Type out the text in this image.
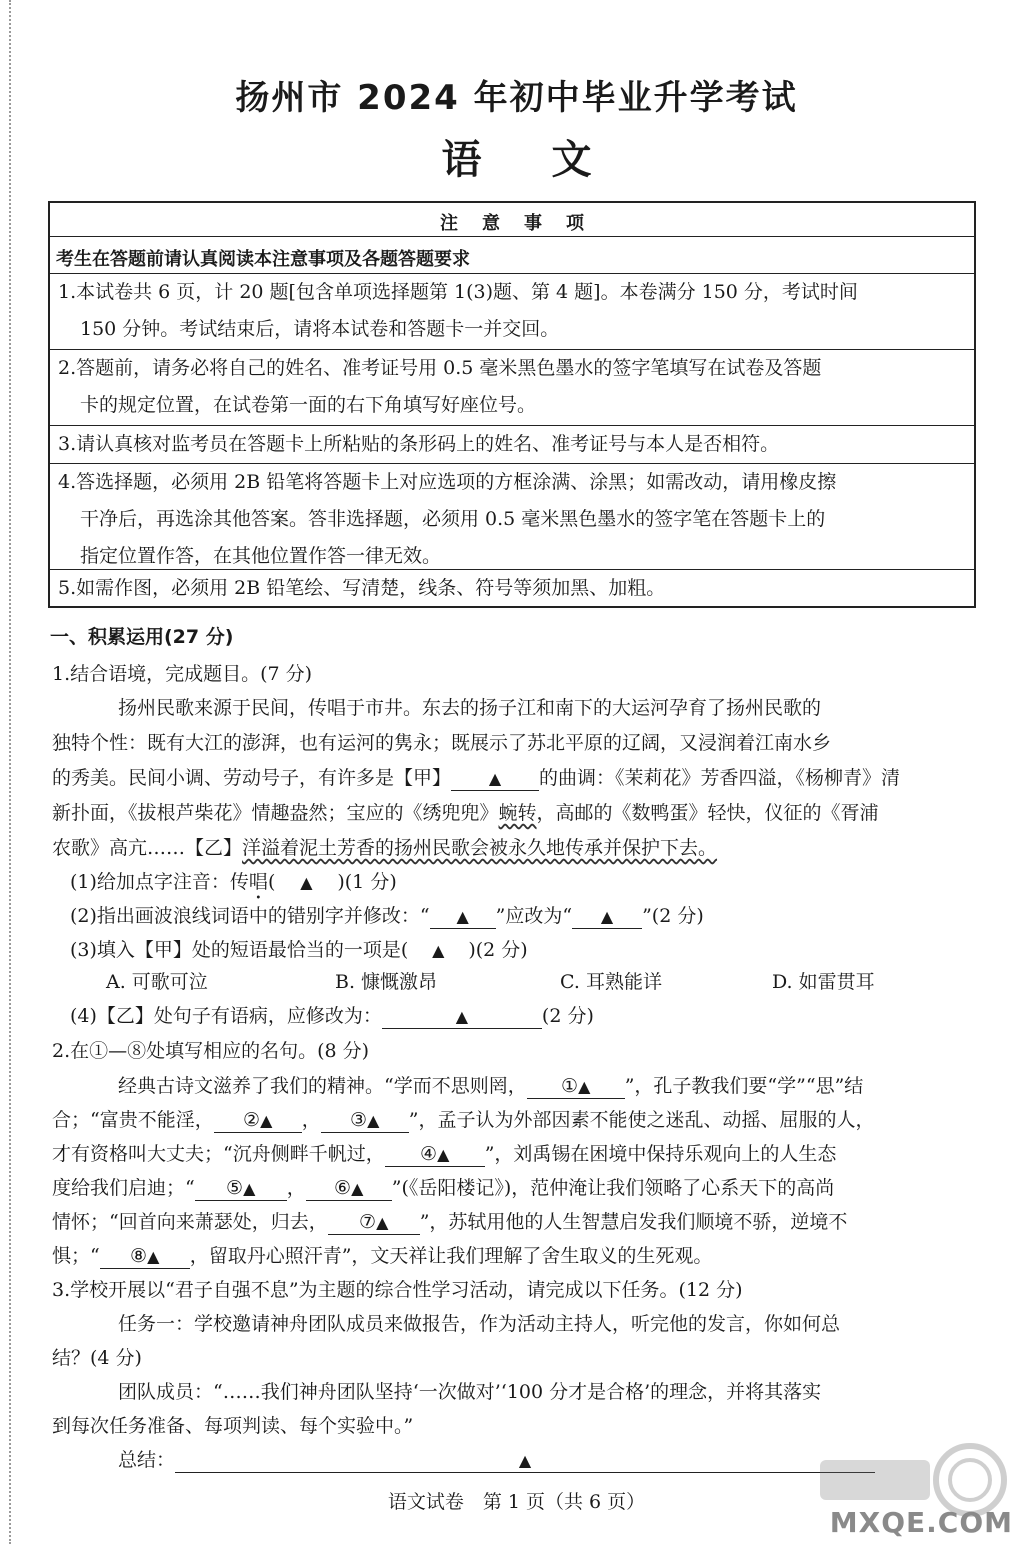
扬州市 2024 年初中毕业升学考试
语文
注意事项
考生在答题前请认真阅读本注意事项及各题答题要求
1.本试卷共 6 页，计 20 题[包含单项选择题第 1(3)题、第 4 题]。本卷满分 150 分，考试时间
150 分钟。考试结束后，请将本试卷和答题卡一并交回。
2.答题前，请务必将自己的姓名、准考证号用 0.5 毫米黑色墨水的签字笔填写在试卷及答题
卡的规定位置，在试卷第一面的右下角填写好座位号。
3.请认真核对监考员在答题卡上所粘贴的条形码上的姓名、准考证号与本人是否相符。
4.答选择题，必须用 2B 铅笔将答题卡上对应选项的方框涂满、涂黑；如需改动，请用橡皮擦
干净后，再选涂其他答案。答非选择题，必须用 0.5 毫米黑色墨水的签字笔在答题卡上的
指定位置作答，在其他位置作答一律无效。
5.如需作图，必须用 2B 铅笔绘、写清楚，线条、符号等须加黑、加粗。
一、积累运用(27 分)
1.结合语境，完成题目。(7 分)
扬州民歌来源于民间，传唱于市井。东去的扬子江和南下的大运河孕育了扬州民歌的
独特个性：既有大江的澎湃，也有运河的隽永；既展示了苏北平原的辽阔，又浸润着江南水乡
的秀美。民间小调、劳动号子，有许多是【甲】 ▲ 的曲调：《茉莉花》芳香四溢，《杨柳青》清
新扑面，《拔根芦柴花》情趣盎然；宝应的《绣兜兜》蜿转，高邮的《数鸭蛋》轻快，仪征的《胥浦
农歌》高亢……【乙】洋溢着泥土芳香的扬州民歌会被永久地传承并保护下去。
(1)给加点字注音：传唱( ▲ )(1 分)
(2)指出画波浪线词语中的错别字并修改：“ ▲ ”应改为“ ▲ ”(2 分)
(3)填入【甲】处的短语最恰当的一项是( ▲ )(2 分)
A. 可歌可泣	B. 慷慨激昂	C. 耳熟能详	D. 如雷贯耳
(4)【乙】处句子有语病，应修改为：	▲	(2 分)
2.在①—⑧处填写相应的名句。(8 分)
经典古诗文滋养了我们的精神。“学而不思则罔， ①▲ ”，孔子教我们要“学”“思”结
合；“富贵不能淫， ②▲ ， ③▲ ”，孟子认为外部因素不能使之迷乱、动摇、屈服的人，
才有资格叫大丈夫；“沉舟侧畔千帆过， ④▲ ”，刘禹锡在困境中保持乐观向上的人生态
度给我们启迪；“ ⑤▲ ， ⑥▲ ”(《岳阳楼记》)，范仲淹让我们领略了心系天下的高尚
情怀；“回首向来萧瑟处，归去， ⑦▲ ”，苏轼用他的人生智慧启发我们顺境不骄，逆境不
惧；“ ⑧▲ ，留取丹心照汗青”，文天祥让我们理解了舍生取义的生死观。
3.学校开展以“君子自强不息”为主题的综合性学习活动，请完成以下任务。(12 分)
任务一：学校邀请神舟团队成员来做报告，作为活动主持人，听完他的发言，你如何总
结？(4 分)
团队成员：“……我们神舟团队坚持‘一次做对’‘100 分才是合格’的理念，并将其落实
到每次任务准备、每项判读、每个实验中。”
总结：	▲
语文试卷　第 1 页（共 6 页）
MXQE.COM
